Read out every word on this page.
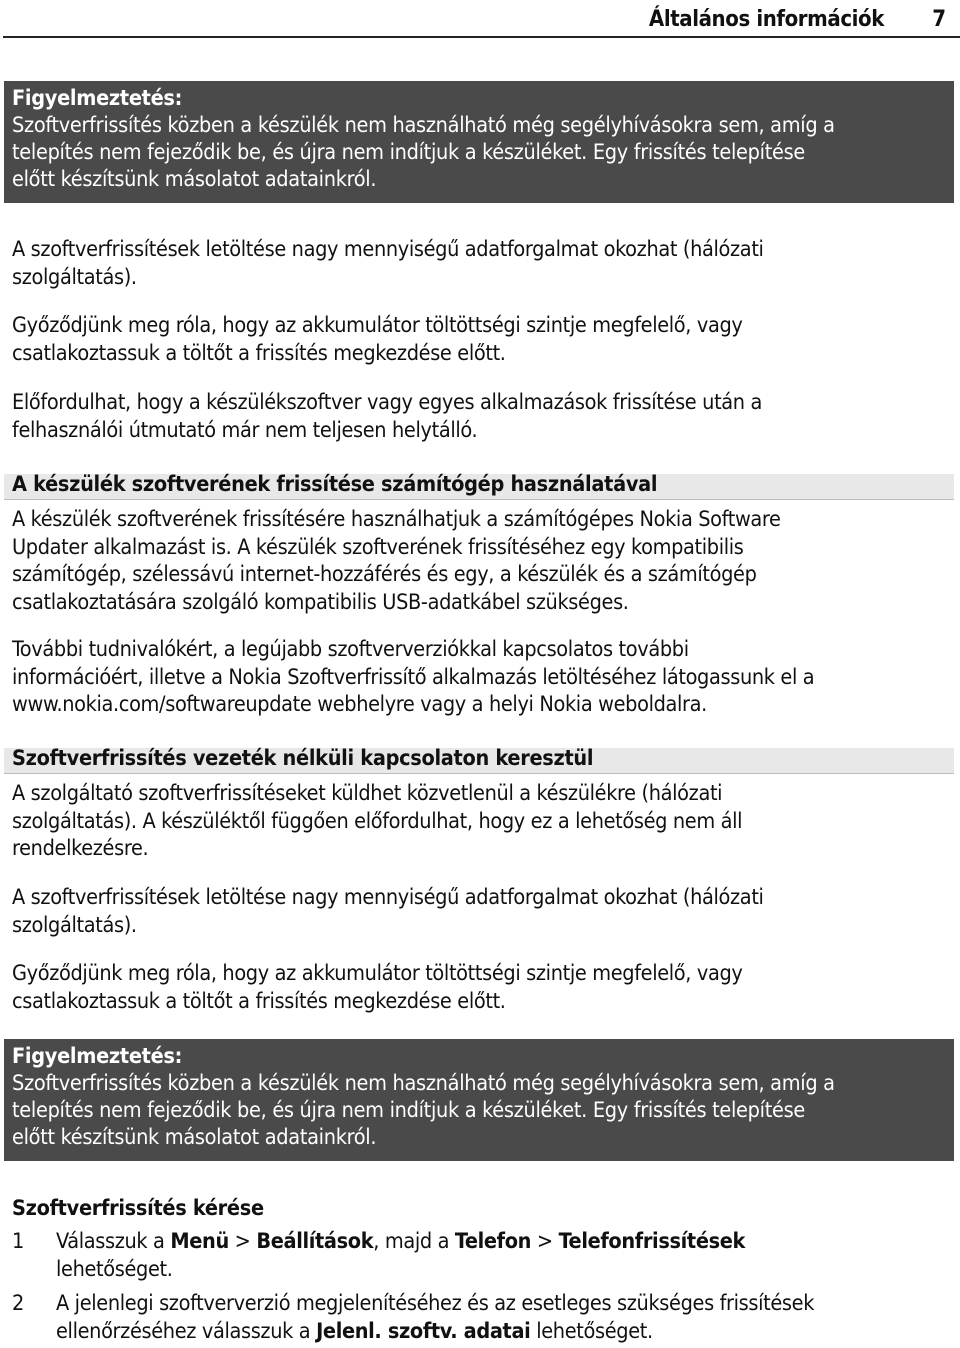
Általános információk 7
Figyelmeztetés:
Szoftverfrissítés közben a készülék nem használható még segélyhívásokra sem, amíg a
telepítés nem fejeződik be, és újra nem indítjuk a készüléket. Egy frissítés telepítése
előtt készítsünk másolatot adatainkról.
A szoftverfrissítések letöltése nagy mennyiségű adatforgalmat okozhat (hálózati
szolgáltatás).
Győződjünk meg róla, hogy az akkumulátor töltöttségi szintje megfelelő, vagy
csatlakoztassuk a töltőt a frissítés megkezdése előtt.
Előfordulhat, hogy a készülékszoftver vagy egyes alkalmazások frissítése után a
felhasználói útmutató már nem teljesen helytálló.
A készülék szoftverének frissítése számítógép használatával
A készülék szoftverének frissítésére használhatjuk a számítógépes Nokia Software
Updater alkalmazást is. A készülék szoftverének frissítéséhez egy kompatibilis
számítógép, szélessávú internet-hozzáférés és egy, a készülék és a számítógép
csatlakoztatására szolgáló kompatibilis USB-adatkábel szükséges.
További tudnivalókért, a legújabb szoftververziókkal kapcsolatos további
információért, illetve a Nokia Szoftverfrissítő alkalmazás letöltéséhez látogassunk el a
www.nokia.com/softwareupdate webhelyre vagy a helyi Nokia weboldalra.
Szoftverfrissítés vezeték nélküli kapcsolaton keresztül
A szolgáltató szoftverfrissítéseket küldhet közvetlenül a készülékre (hálózati
szolgáltatás). A készüléktől függően előfordulhat, hogy ez a lehetőség nem áll
rendelkezésre.
A szoftverfrissítések letöltése nagy mennyiségű adatforgalmat okozhat (hálózati
szolgáltatás).
Győződjünk meg róla, hogy az akkumulátor töltöttségi szintje megfelelő, vagy
csatlakoztassuk a töltőt a frissítés megkezdése előtt.
Figyelmeztetés:
Szoftverfrissítés közben a készülék nem használható még segélyhívásokra sem, amíg a
telepítés nem fejeződik be, és újra nem indítjuk a készüléket. Egy frissítés telepítése
előtt készítsünk másolatot adatainkról.
Szoftverfrissítés kérése
1 Válasszuk a Menü > Beállítások, majd a Telefon > Telefonfrissítések
lehetőséget.
2 A jelenlegi szoftververzió megjelenítéséhez és az esetleges szükséges frissítések
ellenőrzéséhez válasszuk a Jelenl. szoftv. adatai lehetőséget.
